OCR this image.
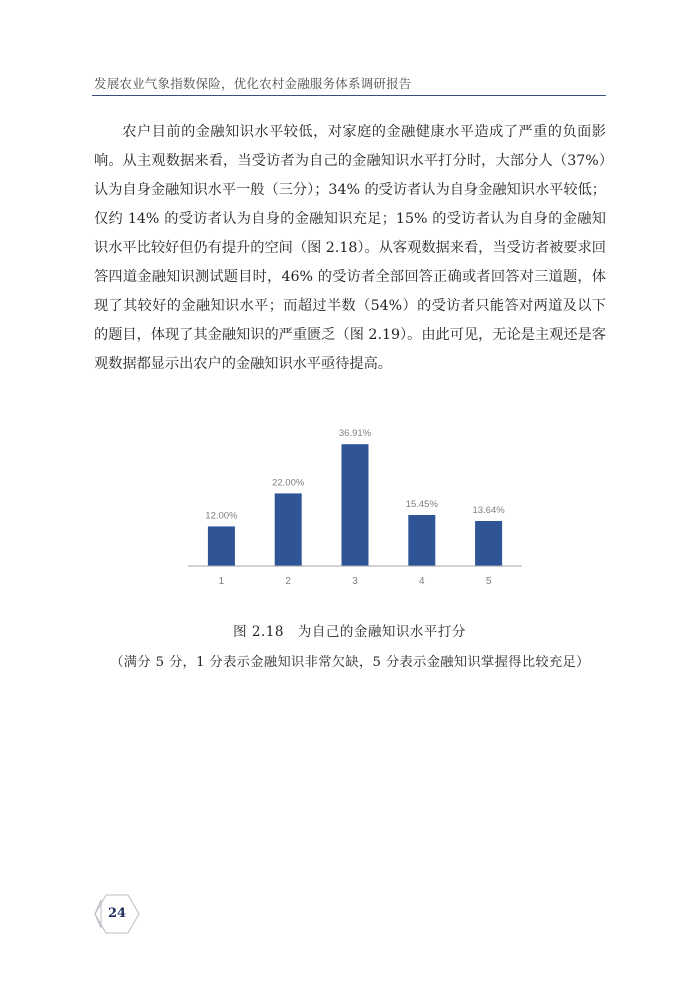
发展农业气象指数保险，优化农村金融服务体系调研报告

农户目前的金融知识水平较低，对家庭的金融健康水平造成了严重的负面影响。从主观数据来看，当受访者为自己的金融知识水平打分时，大部分人（37%）认为自身金融知识水平一般（三分）；34% 的受访者认为自身金融知识水平较低；仅约 14% 的受访者认为自身的金融知识充足；15% 的受访者认为自身的金融知识水平比较好但仍有提升的空间（图 2.18）。从客观数据来看，当受访者被要求回答四道金融知识测试题目时，46% 的受访者全部回答正确或者回答对三道题，体现了其较好的金融知识水平；而超过半数（54%）的受访者只能答对两道及以下的题目，体现了其金融知识的严重匮乏（图 2.19）。由此可见，无论是主观还是客观数据都显示出农户的金融知识水平亟待提高。

12.00%
1
22.00%
2
36.91%
3
15.45%
4
13.64%
5
图 2.18　为自己的金融知识水平打分
（满分 5 分，1 分表示金融知识非常欠缺，5 分表示金融知识掌握得比较充足）
24
